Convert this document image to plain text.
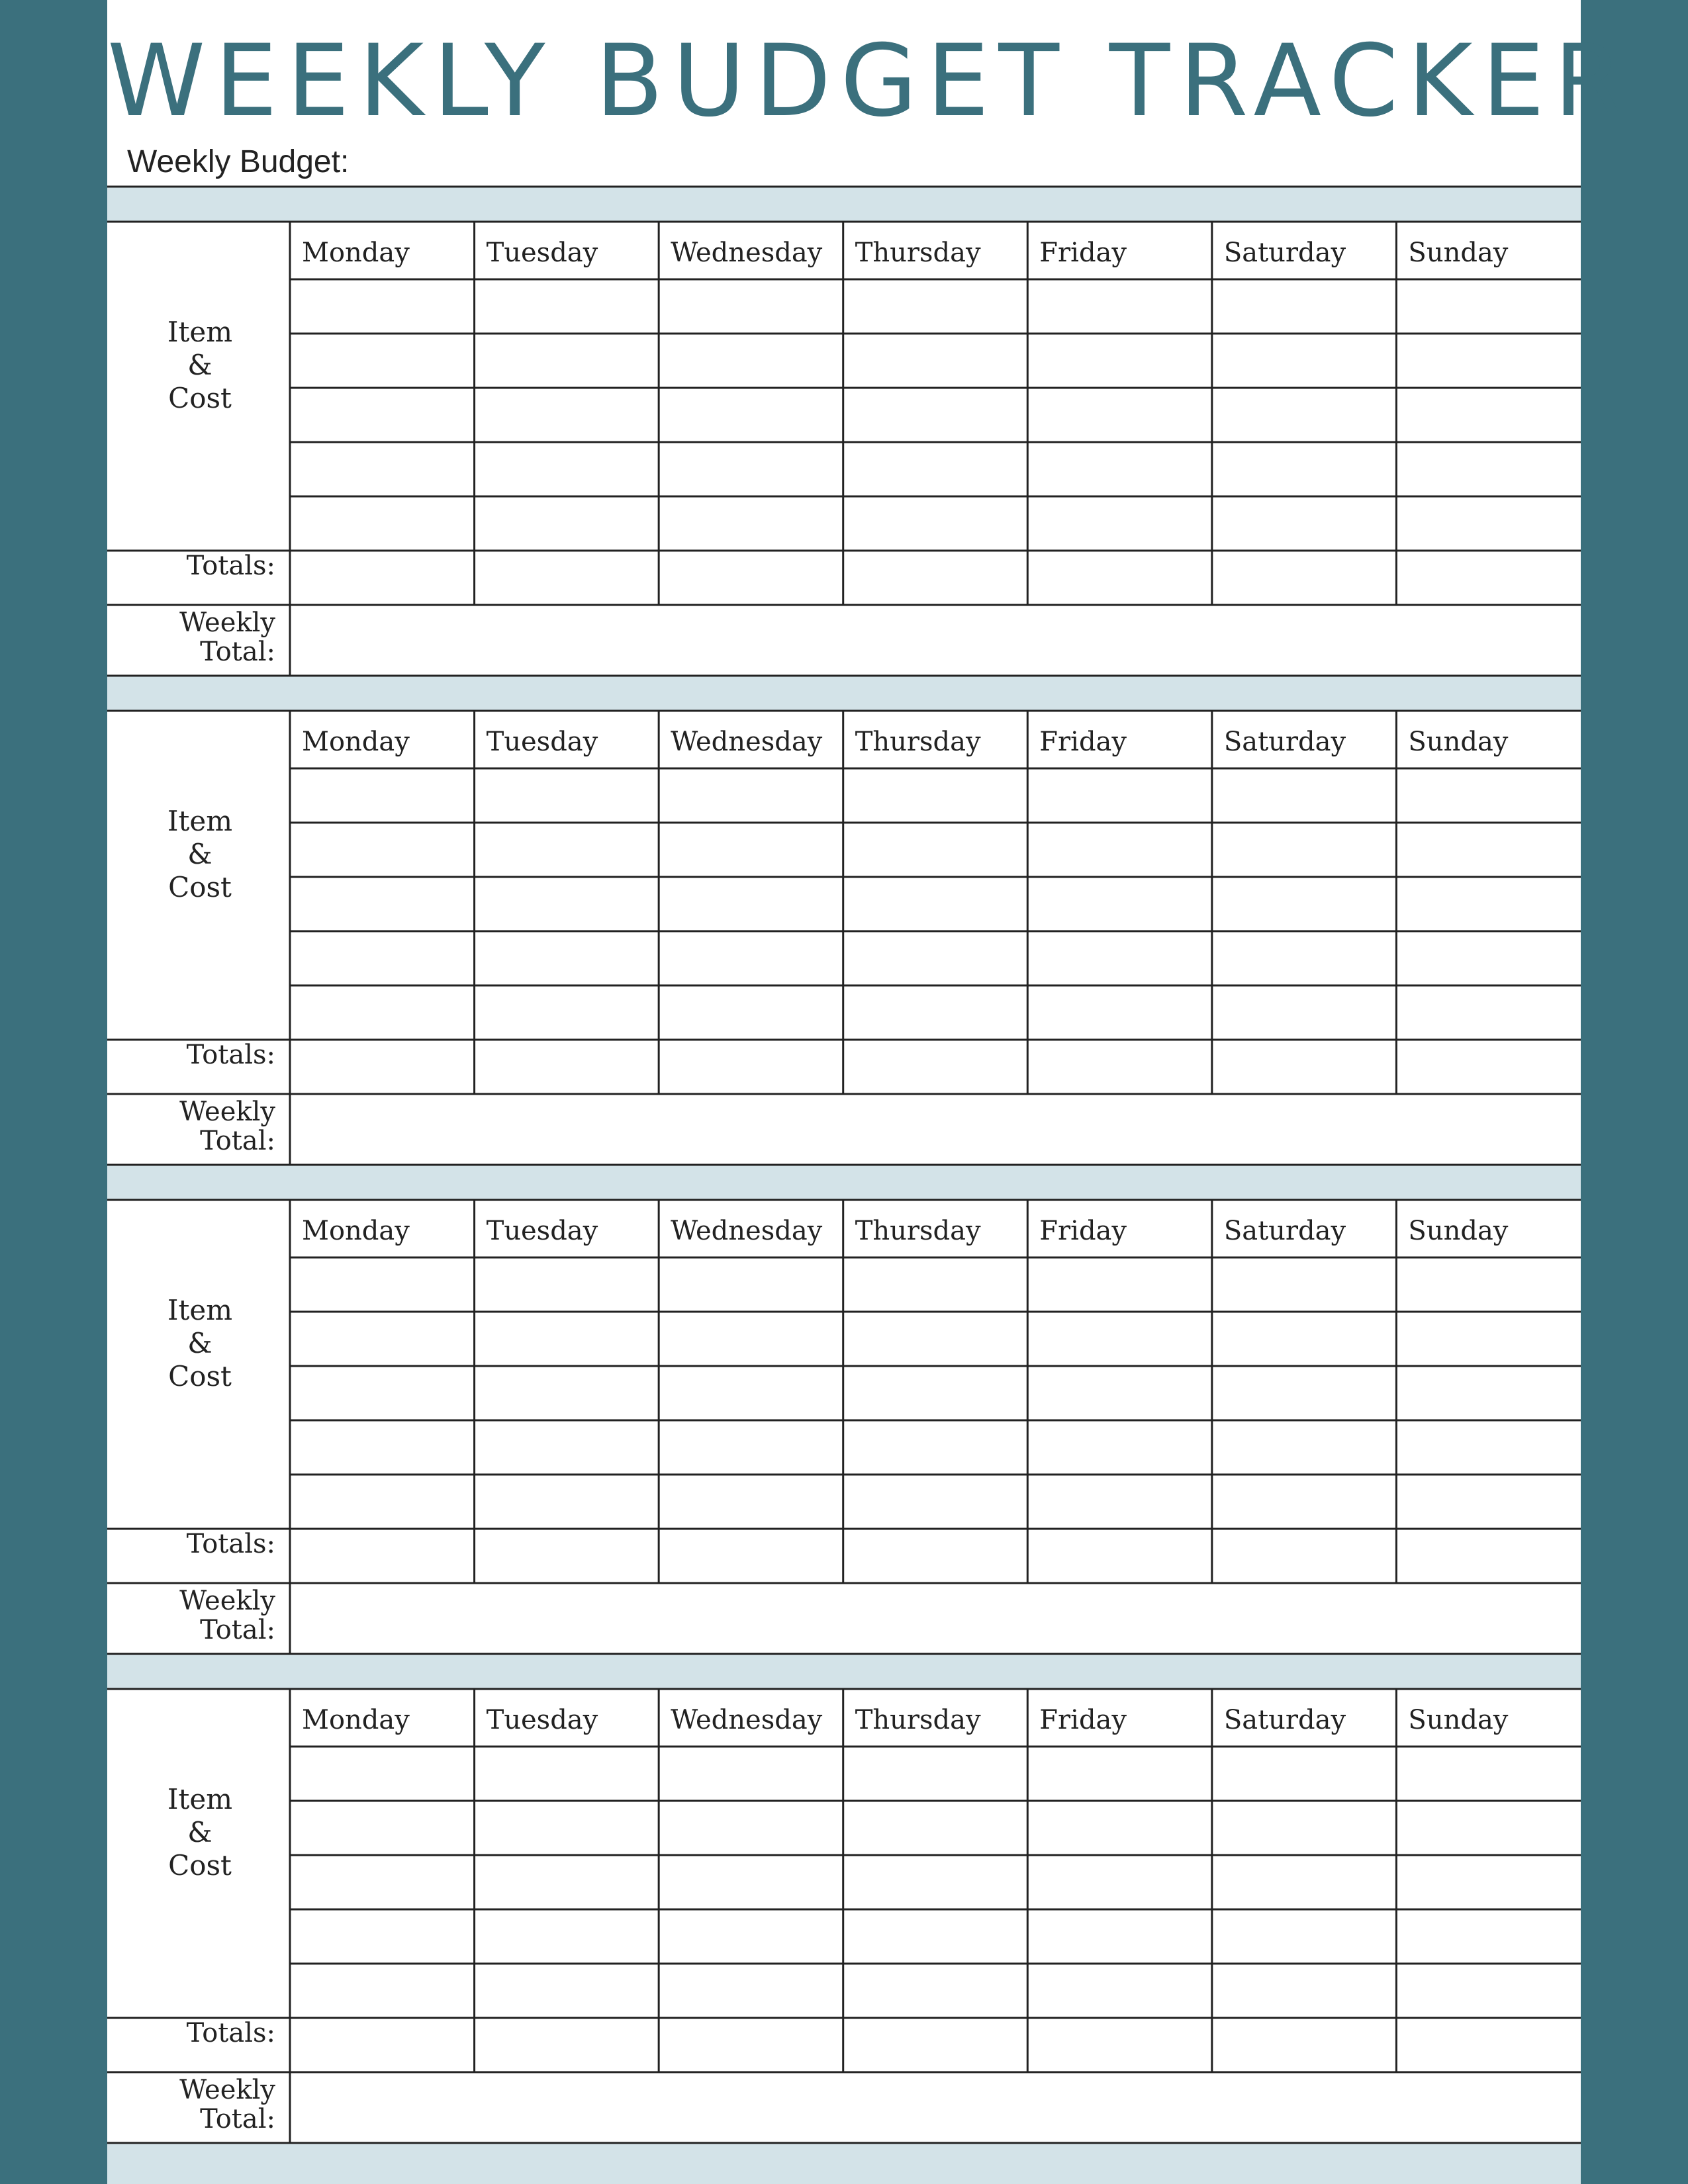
WEEKLY BUDGET TRACKER
Weekly Budget:
Monday	Tuesday	Wednesday Thursday Friday	Saturday Sunday
Item
&
Cost
Totals:
Weekly
Total:
Monday	Tuesday	Wednesday Thursday Friday	Saturday Sunday
Item
&
Cost
Totals:
Weekly
Total:
Monday	Tuesday	Wednesday Thursday Friday	Saturday Sunday
Item
&
Cost
Totals:
Weekly
Total:
Monday	Tuesday	Wednesday Thursday Friday	Saturday Sunday
Item
&
Cost
Totals:
Weekly
Total:
